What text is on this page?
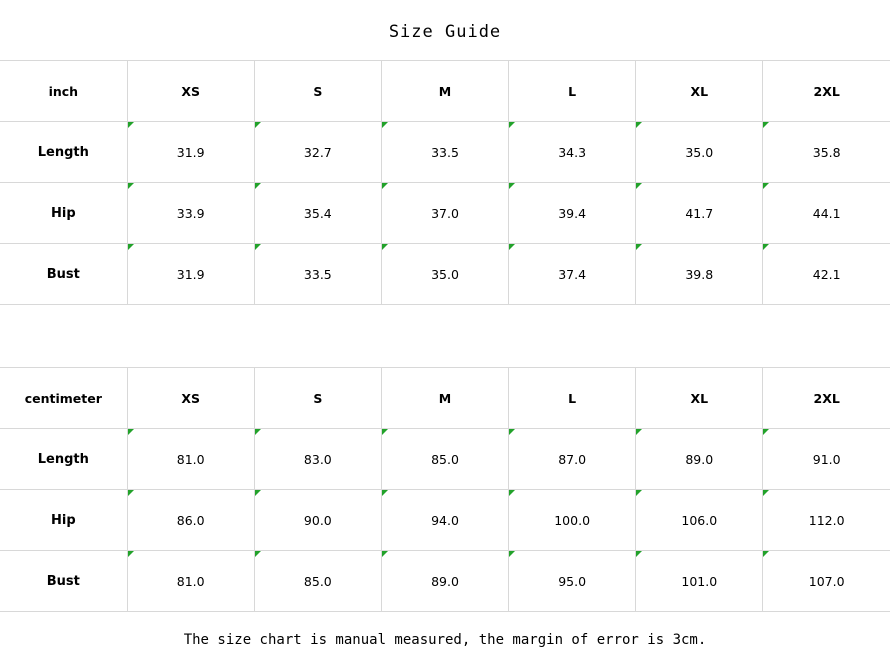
Size Guide
inch	XS	S	M	L	XL	2XL
Length	31.9	32.7	33.5	34.3	35.0	35.8
Hip	33.9	35.4	37.0	39.4	41.7	44.1
Bust	31.9	33.5	35.0	37.4	39.8	42.1
centimeter	XS	S	M	L	XL	2XL
Length	81.0	83.0	85.0	87.0	89.0	91.0
Hip	86.0	90.0	94.0	100.0	106.0	112.0
Bust	81.0	85.0	89.0	95.0	101.0	107.0
The size chart is manual measured, the margin of error is 3cm.
